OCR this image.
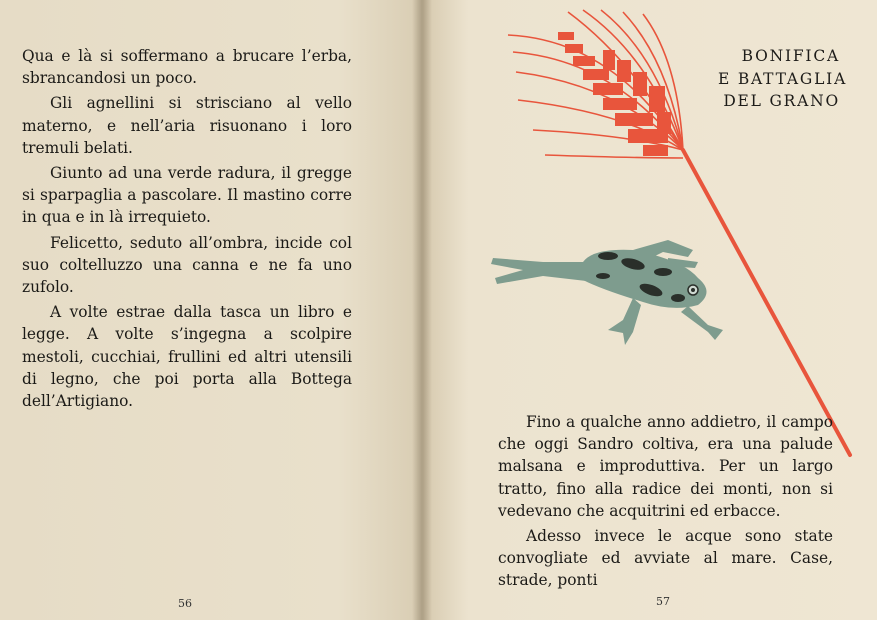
Qua e là si soffermano a brucare l’erba, sbrancandosi un poco.

Gli agnellini si strisciano al vello materno, e nell’aria risuonano i loro tremuli belati.

Giunto ad una verde radura, il gregge si sparpaglia a pascolare. Il mastino corre in qua e in là irrequieto.

Felicetto, seduto all’ombra, incide col suo coltelluzzo una canna e ne fa uno zufolo.

A volte estrae dalla tasca un libro e legge. A volte s’ingegna a scolpire mestoli, cucchiai, frullini ed altri utensili di legno, che poi porta alla Bottega dell’Artigiano.

56
BONIFICA
E BATTAGLIA
DEL GRANO

Fino a qualche anno addietro, il campo che oggi Sandro coltiva, era una palude malsana e improduttiva. Per un largo tratto, fino alla radice dei monti, non si vedevano che acquitrini ed erbacce.

Adesso invece le acque sono state convogliate ed avviate al mare. Case, strade, ponti

57
